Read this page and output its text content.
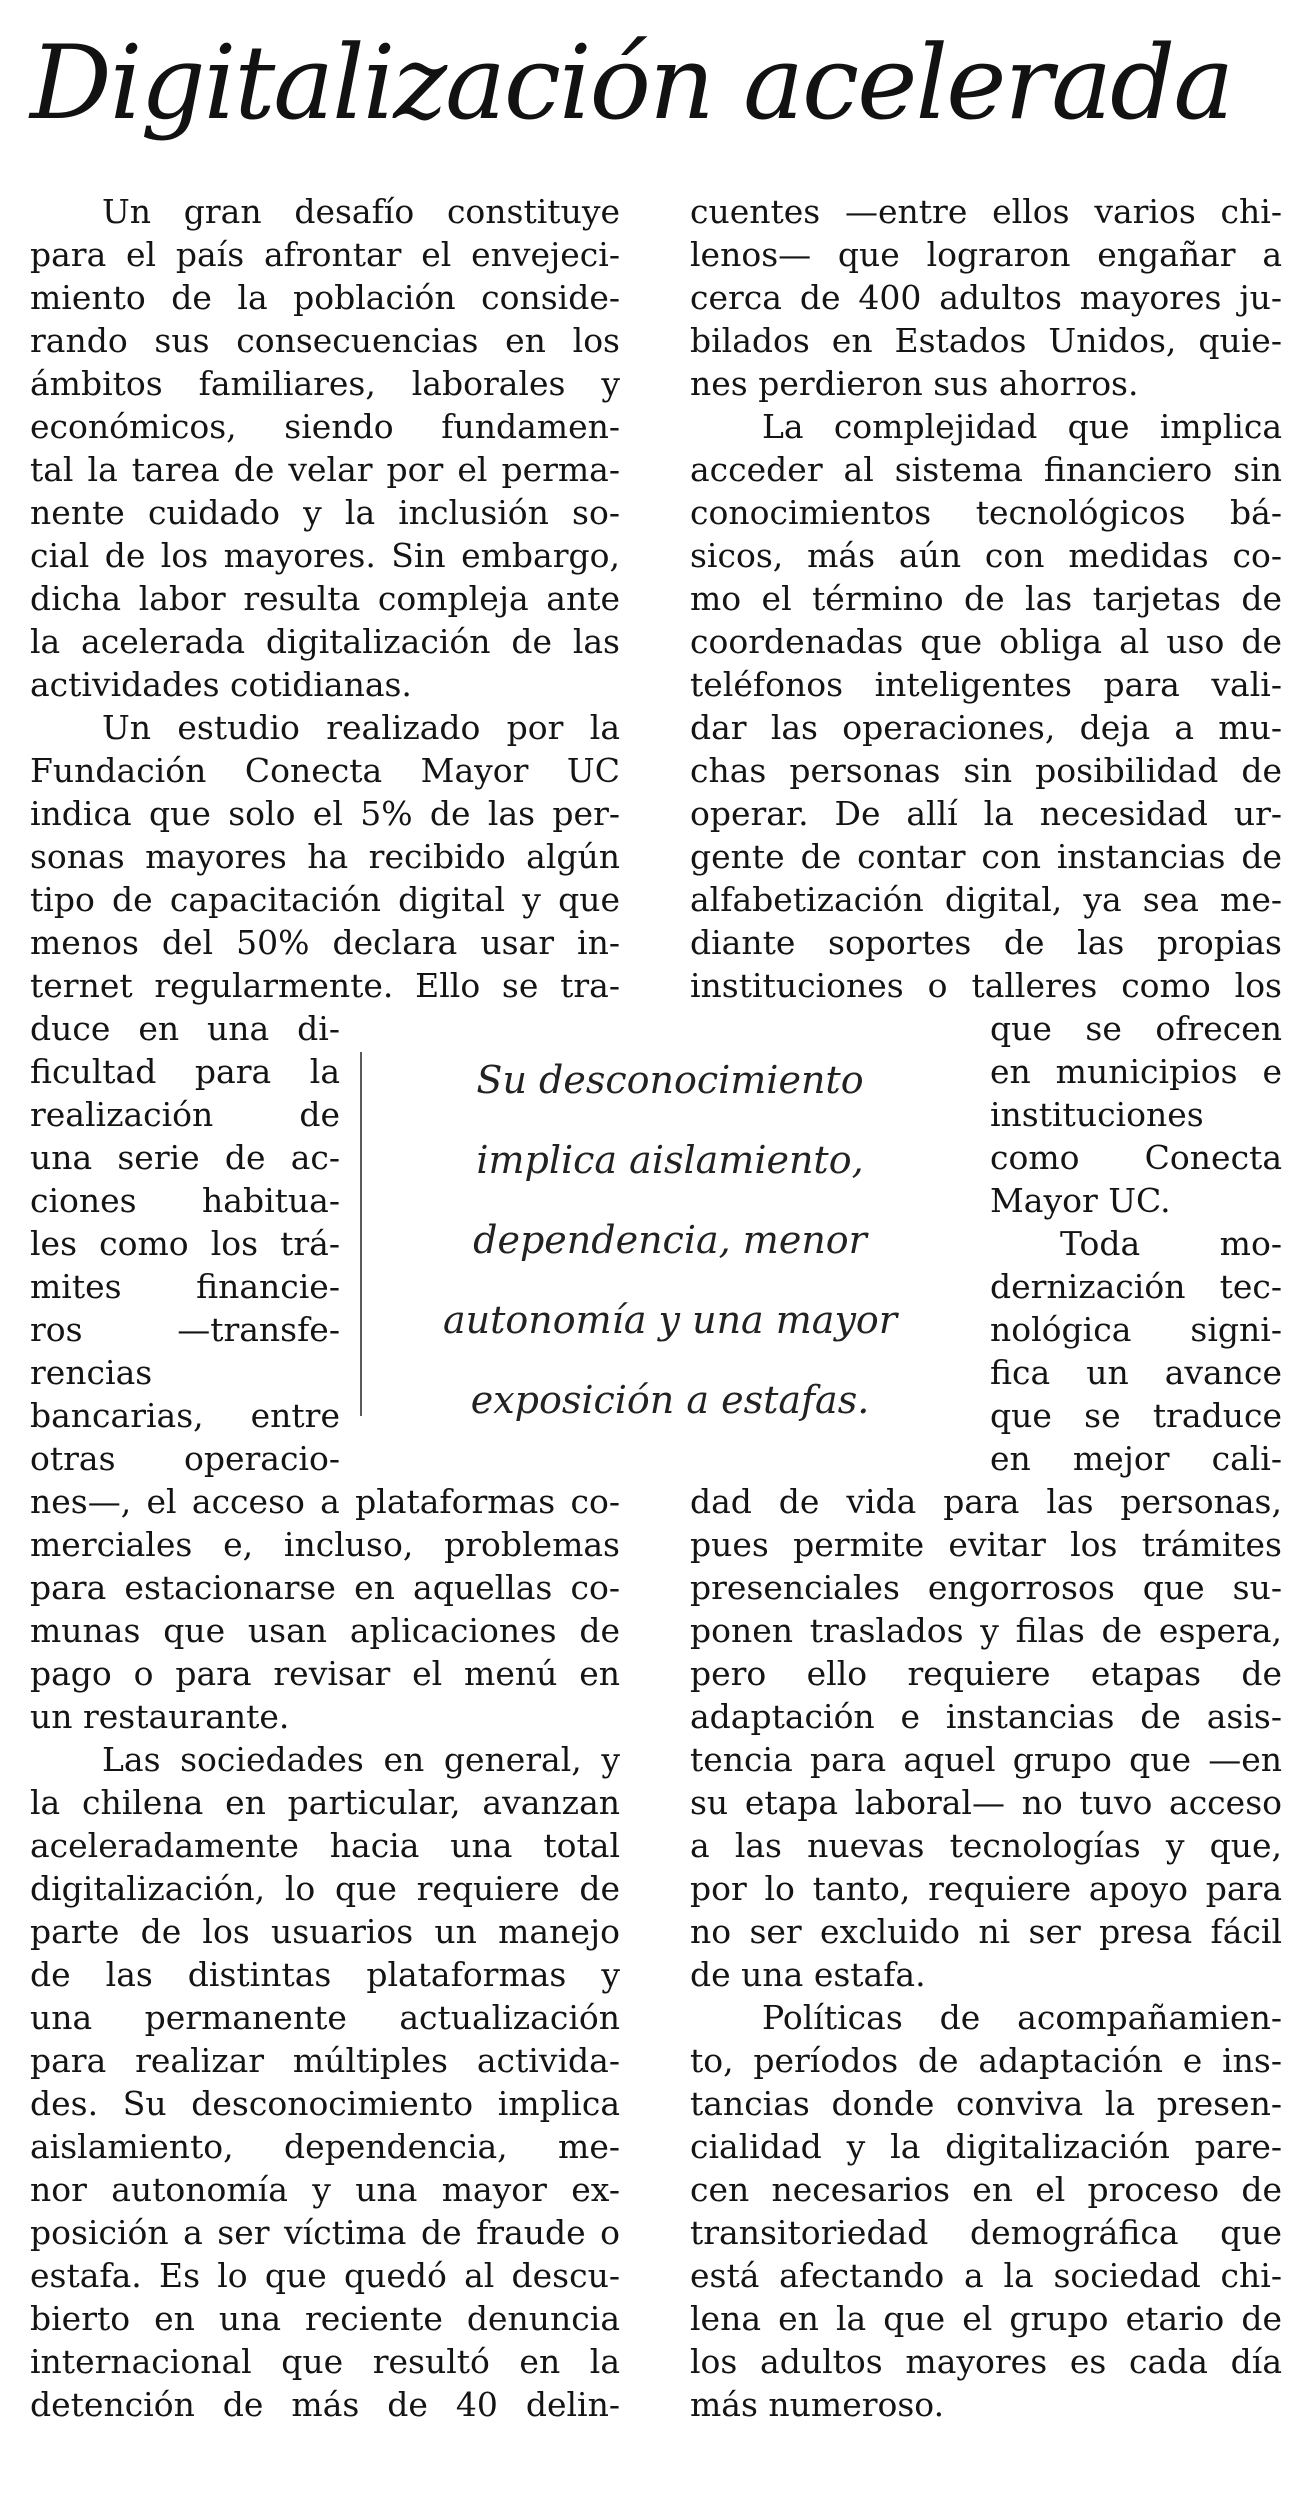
Digitalización acelerada
Un gran desafío constituye
para el país afrontar el envejeci-
miento de la población conside-
rando sus consecuencias en los
ámbitos familiares, laborales y
económicos, siendo fundamen-
tal la tarea de velar por el perma-
nente cuidado y la inclusión so-
cial de los mayores. Sin embargo,
dicha labor resulta compleja ante
la acelerada digitalización de las
actividades cotidianas.
Un estudio realizado por la
Fundación Conecta Mayor UC
indica que solo el 5% de las per-
sonas mayores ha recibido algún
tipo de capacitación digital y que
menos del 50% declara usar in-
ternet regularmente. Ello se tra-
duce en una di-
ficultad para la
realización de
una serie de ac-
ciones habitua-
les como los trá-
mites financie-
ros —transfe-
rencias
bancarias, entre
otras operacio-
nes—, el acceso a plataformas co-
merciales e, incluso, problemas
para estacionarse en aquellas co-
munas que usan aplicaciones de
pago o para revisar el menú en
un restaurante.
Las sociedades en general, y
la chilena en particular, avanzan
aceleradamente hacia una total
digitalización, lo que requiere de
parte de los usuarios un manejo
de las distintas plataformas y
una permanente actualización
para realizar múltiples activida-
des. Su desconocimiento implica
aislamiento, dependencia, me-
nor autonomía y una mayor ex-
posición a ser víctima de fraude o
estafa. Es lo que quedó al descu-
bierto en una reciente denuncia
internacional que resultó en la
detención de más de 40 delin-
Su desconocimiento
implica aislamiento,
dependencia, menor
autonomía y una mayor
exposición a estafas.
cuentes —entre ellos varios chi-
lenos— que lograron engañar a
cerca de 400 adultos mayores ju-
bilados en Estados Unidos, quie-
nes perdieron sus ahorros.
La complejidad que implica
acceder al sistema financiero sin
conocimientos tecnológicos bá-
sicos, más aún con medidas co-
mo el término de las tarjetas de
coordenadas que obliga al uso de
teléfonos inteligentes para vali-
dar las operaciones, deja a mu-
chas personas sin posibilidad de
operar. De allí la necesidad ur-
gente de contar con instancias de
alfabetización digital, ya sea me-
diante soportes de las propias
instituciones o talleres como los
que se ofrecen
en municipios e
instituciones
como Conecta
Mayor UC.
Toda mo-
dernización tec-
nológica signi-
fica un avance
que se traduce
en mejor cali-
dad de vida para las personas,
pues permite evitar los trámites
presenciales engorrosos que su-
ponen traslados y filas de espera,
pero ello requiere etapas de
adaptación e instancias de asis-
tencia para aquel grupo que —en
su etapa laboral— no tuvo acceso
a las nuevas tecnologías y que,
por lo tanto, requiere apoyo para
no ser excluido ni ser presa fácil
de una estafa.
Políticas de acompañamien-
to, períodos de adaptación e ins-
tancias donde conviva la presen-
cialidad y la digitalización pare-
cen necesarios en el proceso de
transitoriedad demográfica que
está afectando a la sociedad chi-
lena en la que el grupo etario de
los adultos mayores es cada día
más numeroso.
